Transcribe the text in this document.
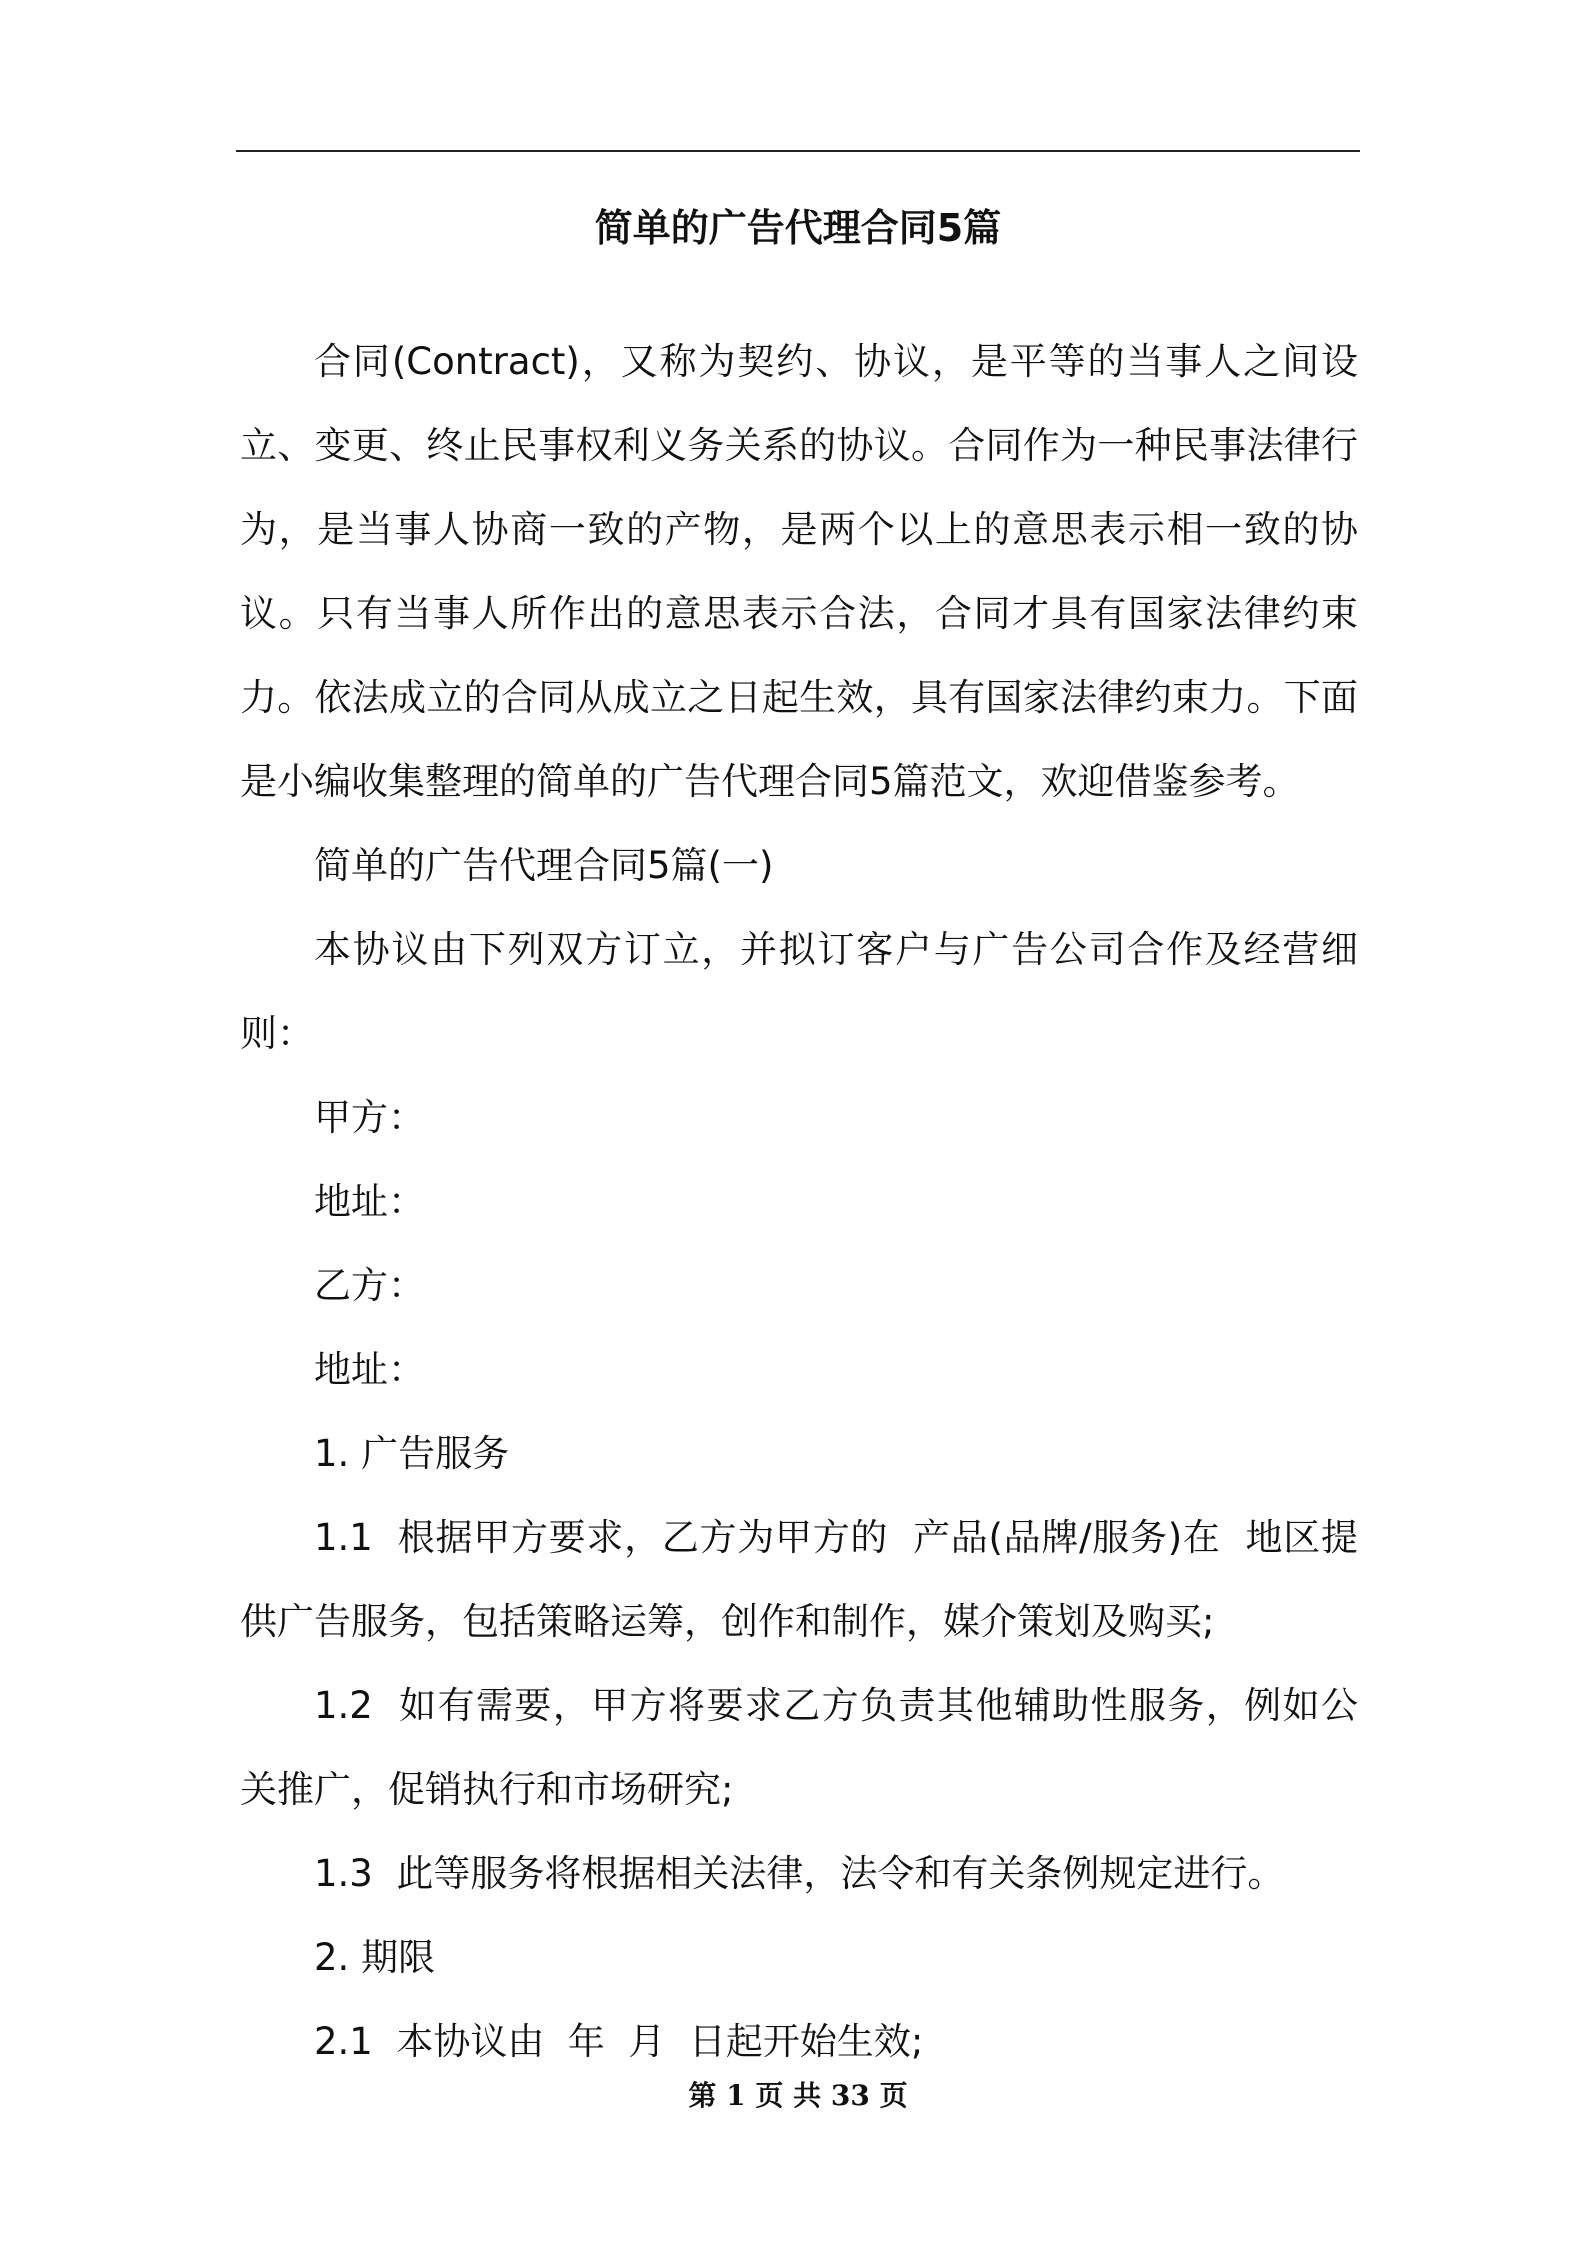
简单的广告代理合同5篇

合同(Contract)，又称为契约、协议，是平等的当事人之间设立、变更、终止民事权利义务关系的协议。合同作为一种民事法律行为，是当事人协商一致的产物，是两个以上的意思表示相一致的协议。只有当事人所作出的意思表示合法，合同才具有国家法律约束力。依法成立的合同从成立之日起生效，具有国家法律约束力。下面是小编收集整理的简单的广告代理合同5篇范文，欢迎借鉴参考。

简单的广告代理合同5篇(一)

本协议由下列双方订立，并拟订客户与广告公司合作及经营细则：

甲方：

地址：

乙方：

地址：

1. 广告服务

1.1  根据甲方要求，乙方为甲方的  产品(品牌/服务)在  地区提供广告服务，包括策略运筹，创作和制作，媒介策划及购买;

1.2  如有需要，甲方将要求乙方负责其他辅助性服务，例如公关推广，促销执行和市场研究;

1.3  此等服务将根据相关法律，法令和有关条例规定进行。

2. 期限

2.1  本协议由  年  月  日起开始生效;

第 1 页 共 33 页
